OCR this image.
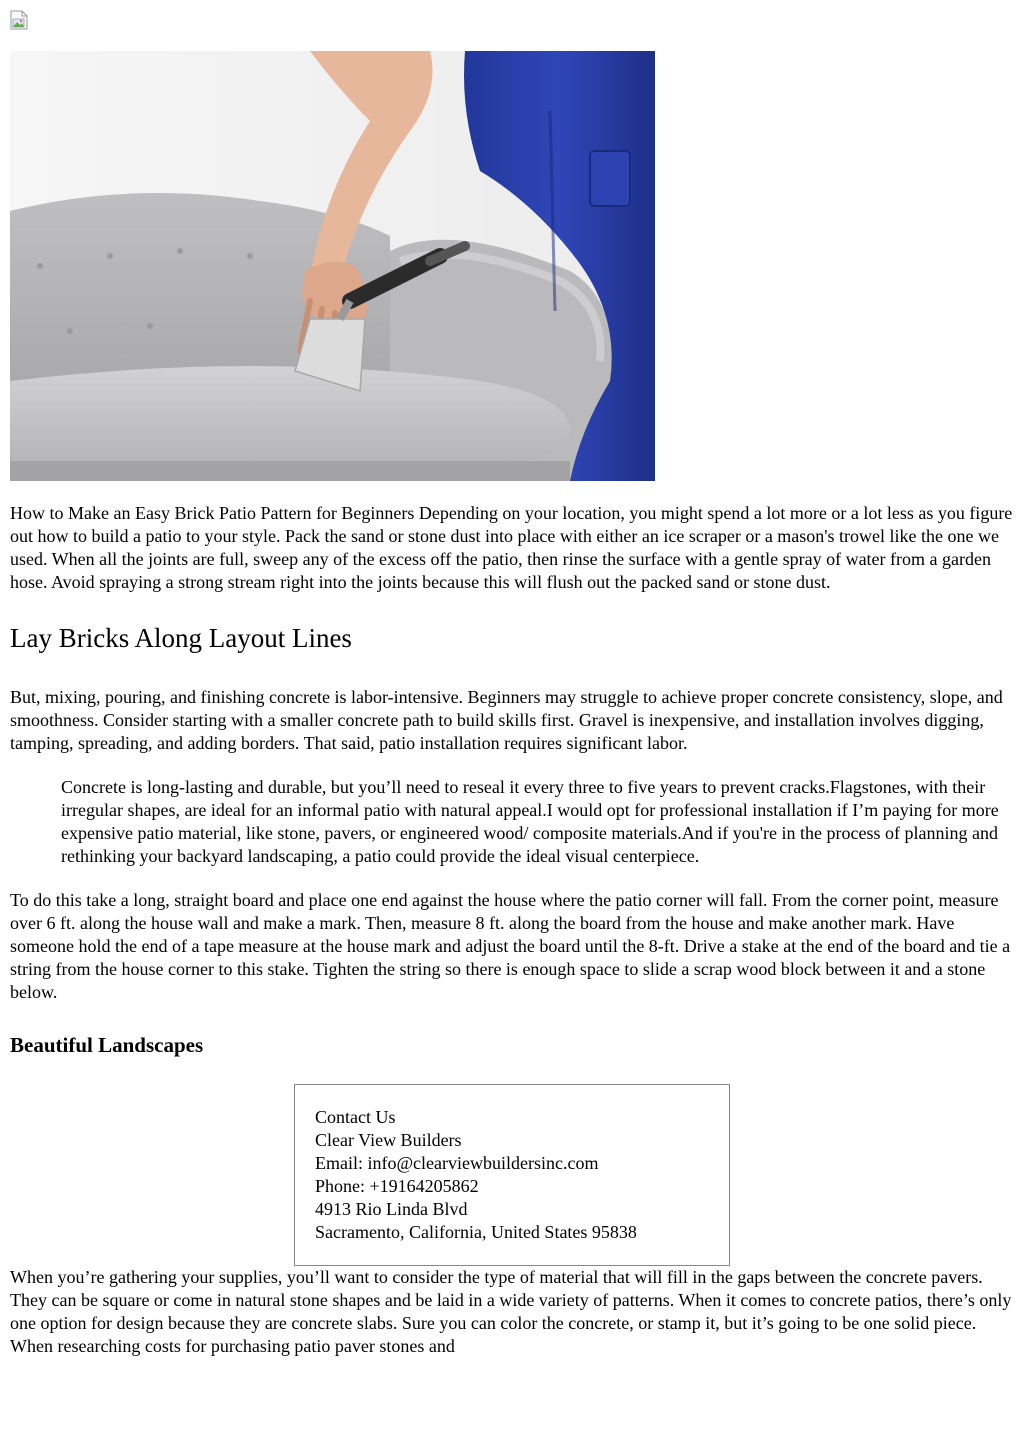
How to Make an Easy Brick Patio Pattern for Beginners Depending on your location, you might spend a lot more or a lot less as you figure out how to build a patio to your style. Pack the sand or stone dust into place with either an ice scraper or a mason's trowel like the one we used. When all the joints are full, sweep any of the excess off the patio, then rinse the surface with a gentle spray of water from a garden hose. Avoid spraying a strong stream right into the joints because this will flush out the packed sand or stone dust.

Lay Bricks Along Layout Lines

But, mixing, pouring, and finishing concrete is labor-intensive. Beginners may struggle to achieve proper concrete consistency, slope, and smoothness. Consider starting with a smaller concrete path to build skills first. Gravel is inexpensive, and installation involves digging, tamping, spreading, and adding borders. That said, patio installation requires significant labor.

Concrete is long-lasting and durable, but you’ll need to reseal it every three to five years to prevent cracks.Flagstones, with their irregular shapes, are ideal for an informal patio with natural appeal.I would opt for professional installation if I’m paying for more expensive patio material, like stone, pavers, or engineered wood/ composite materials.And if you're in the process of planning and rethinking your backyard landscaping, a patio could provide the ideal visual centerpiece.

To do this take a long, straight board and place one end against the house where the patio corner will fall. From the corner point, measure over 6 ft. along the house wall and make a mark. Then, measure 8 ft. along the board from the house and make another mark. Have someone hold the end of a tape measure at the house mark and adjust the board until the 8-ft. Drive a stake at the end of the board and tie a string from the house corner to this stake. Tighten the string so there is enough space to slide a scrap wood block between it and a stone below.

Beautiful Landscapes
Contact Us
Clear View Builders
Email: info@clearviewbuildersinc.com
Phone: +19164205862
4913 Rio Linda Blvd
Sacramento, California, United States 95838

When you’re gathering your supplies, you’ll want to consider the type of material that will fill in the gaps between the concrete pavers. They can be square or come in natural stone shapes and be laid in a wide variety of patterns. When it comes to concrete patios, there’s only one option for design because they are concrete slabs. Sure you can color the concrete, or stamp it, but it’s going to be one solid piece. When researching costs for purchasing patio paver stones and
